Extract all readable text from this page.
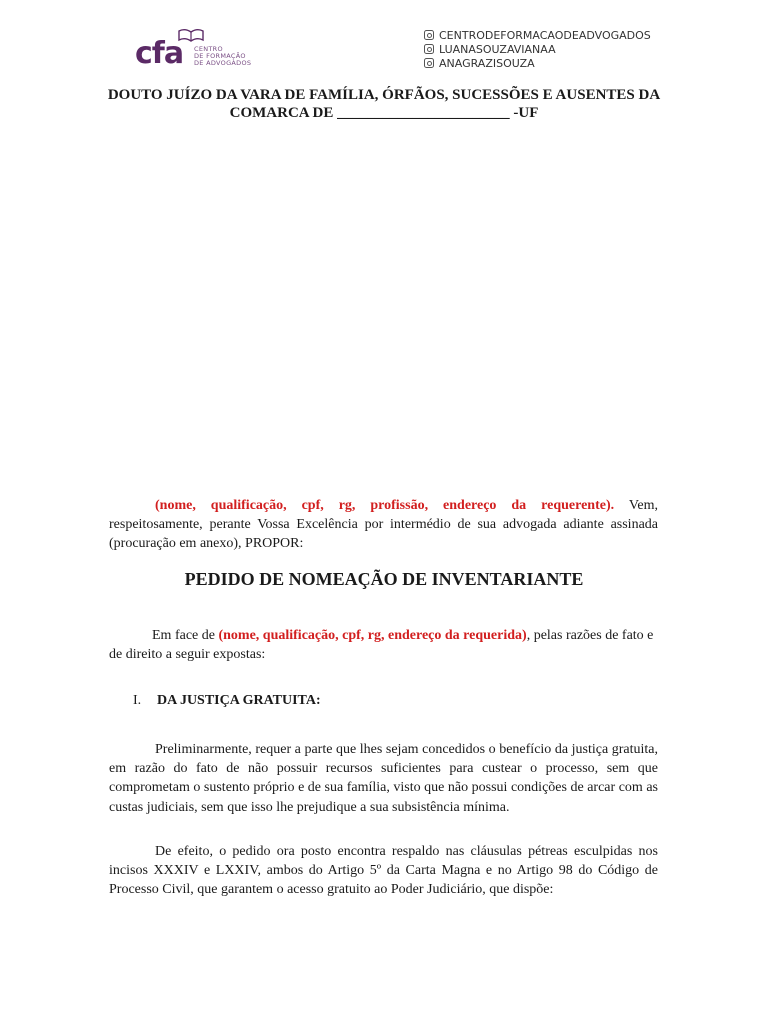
cfa CENTRO
DE FORMAÇÃO
DE ADVOGADOS
CENTRODEFORMACAODEADVOGADOS
LUANASOUZAVIANAA
ANAGRAZISOUZA
DOUTO JUÍZO DA VARA DE FAMÍLIA, ÓRFÃOS, SUCESSÕES E AUSENTES DA
COMARCA DE _______________________ -UF
(nome, qualificação, cpf, rg, profissão, endereço da requerente). Vem, respeitosamente, perante Vossa Excelência por intermédio de sua advogada adiante assinada (procuração em anexo), PROPOR:
PEDIDO DE NOMEAÇÃO DE INVENTARIANTE
Em face de (nome, qualificação, cpf, rg, endereço da requerida), pelas razões de fato e de direito a seguir expostas:
I. DA JUSTIÇA GRATUITA:
Preliminarmente, requer a parte que lhes sejam concedidos o benefício da justiça gratuita, em razão do fato de não possuir recursos suficientes para custear o processo, sem que comprometam o sustento próprio e de sua família, visto que não possui condições de arcar com as custas judiciais, sem que isso lhe prejudique a sua subsistência mínima.
De efeito, o pedido ora posto encontra respaldo nas cláusulas pétreas esculpidas nos incisos XXXIV e LXXIV, ambos do Artigo 5º da Carta Magna e no Artigo 98 do Código de Processo Civil, que garantem o acesso gratuito ao Poder Judiciário, que dispõe:
